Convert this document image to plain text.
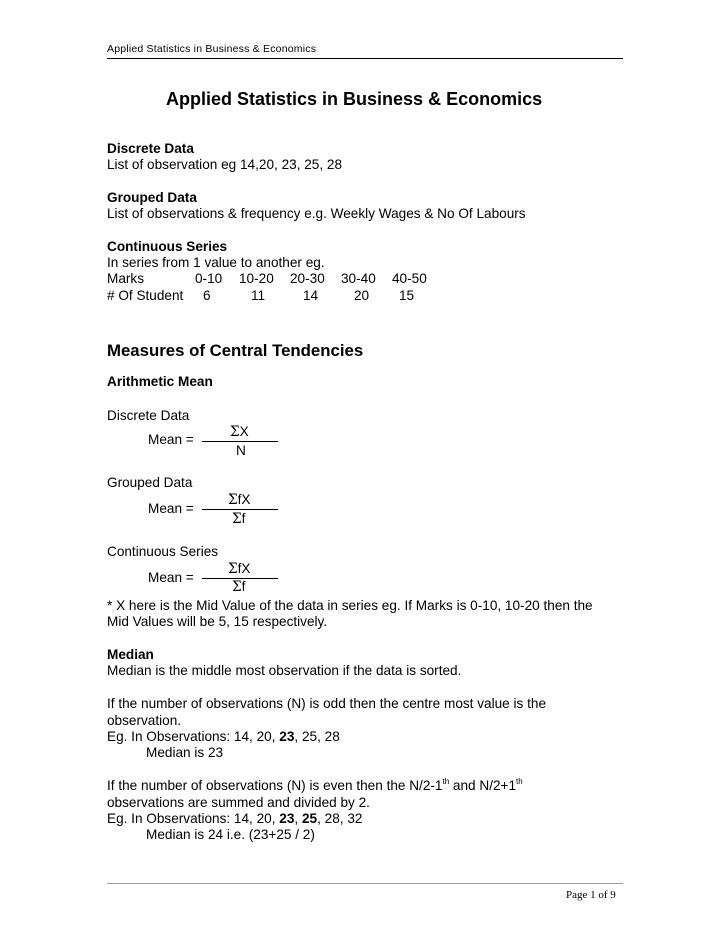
Applied Statistics in Business & Economics
Applied Statistics in Business & Economics
Discrete Data
List of observation eg 14,20, 23, 25, 28
Grouped Data
List of observations & frequency e.g. Weekly Wages & No Of Labours
Continuous Series
In series from 1 value to another eg.
Marks	0-10 10-20 20-30 30-40 40-50
# Of Student 6	11	14	20 15
Measures of Central Tendencies
Arithmetic Mean
Discrete Data
Mean =	ΣX
N
Grouped Data
Mean =
ΣfX
Σf
Continuous Series
Mean =
ΣfX
Σf
* X here is the Mid Value of the data in series eg. If Marks is 0-10, 10-20 then the
Mid Values will be 5, 15 respectively.
Median
Median is the middle most observation if the data is sorted.
If the number of observations (N) is odd then the centre most value is the
observation.
Eg. In Observations: 14, 20, 23, 25, 28
Median is 23
If the number of observations (N) is even then the N/2-1th and N/2+1th
observations are summed and divided by 2.
Eg. In Observations: 14, 20, 23, 25, 28, 32
Median is 24 i.e. (23+25 / 2)
Page 1 of 9
